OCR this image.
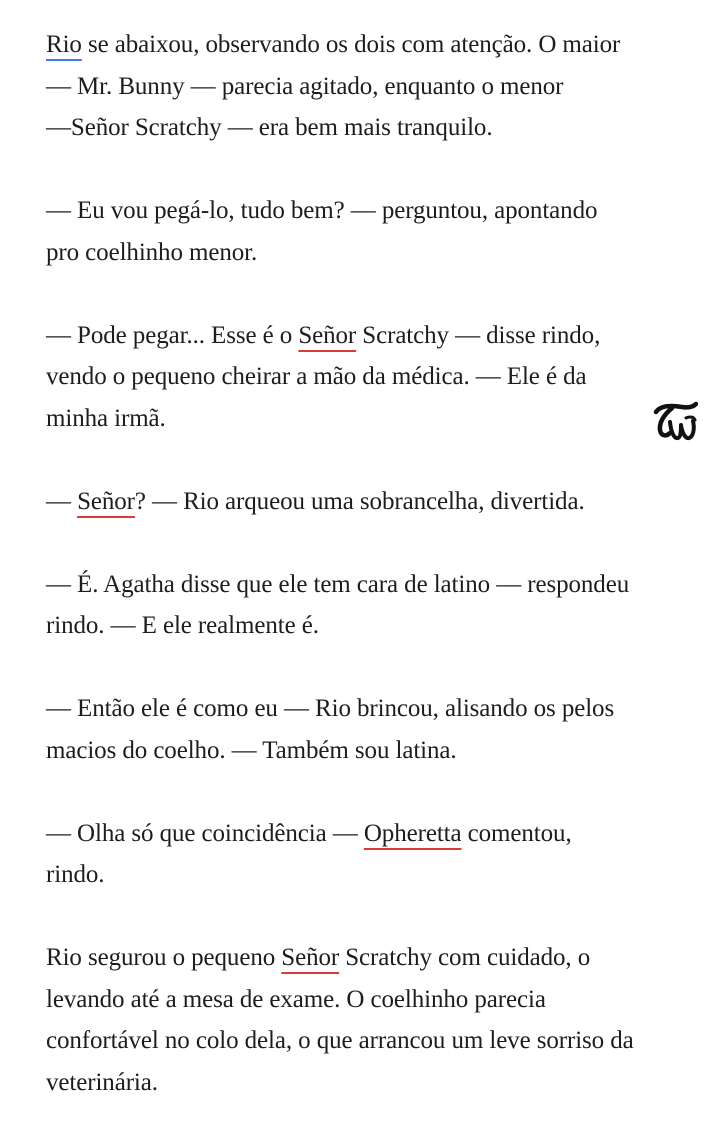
Rio se abaixou, observando os dois com atenção. O maior
— Mr. Bunny — parecia agitado, enquanto o menor
—Señor Scratchy — era bem mais tranquilo.

— Eu vou pegá-lo, tudo bem? — perguntou, apontando
pro coelhinho menor.

— Pode pegar... Esse é o Señor Scratchy — disse rindo,
vendo o pequeno cheirar a mão da médica. — Ele é da
minha irmã.

— Señor? — Rio arqueou uma sobrancelha, divertida.

— É. Agatha disse que ele tem cara de latino — respondeu
rindo. — E ele realmente é.

— Então ele é como eu — Rio brincou, alisando os pelos
macios do coelho. — Também sou latina.

— Olha só que coincidência — Opheretta comentou,
rindo.

Rio segurou o pequeno Señor Scratchy com cuidado, o
levando até a mesa de exame. O coelhinho parecia
confortável no colo dela, o que arrancou um leve sorriso da
veterinária.
